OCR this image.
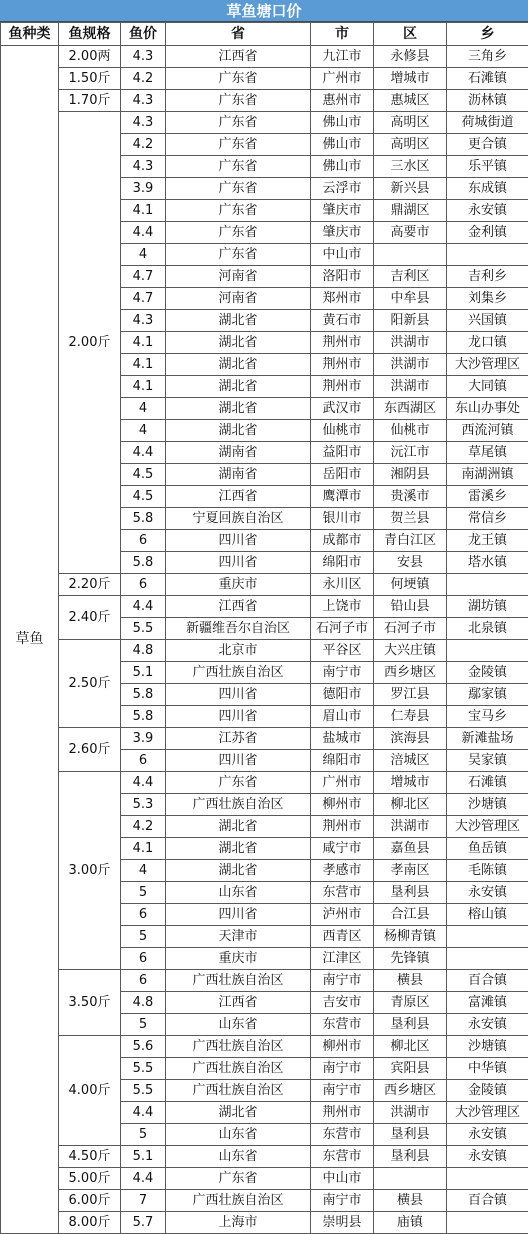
草鱼塘口价
鱼种类	鱼规格	鱼价	省	市	区	乡
草鱼	2.00两	4.3	江西省	九江市	永修县	三角乡
	1.50斤	4.2	广东省	广州市	增城市	石滩镇
	1.70斤	4.3	广东省	惠州市	惠城区	沥林镇
	2.00斤	4.3	广东省	佛山市	高明区	荷城街道
		4.2	广东省	佛山市	高明区	更合镇
		4.3	广东省	佛山市	三水区	乐平镇
		3.9	广东省	云浮市	新兴县	东成镇
		4.1	广东省	肇庆市	鼎湖区	永安镇
		4.4	广东省	肇庆市	高要市	金利镇
		4	广东省	中山市		
		4.7	河南省	洛阳市	吉利区	吉利乡
		4.7	河南省	郑州市	中牟县	刘集乡
		4.3	湖北省	黄石市	阳新县	兴国镇
		4.1	湖北省	荆州市	洪湖市	龙口镇
		4.1	湖北省	荆州市	洪湖市	大沙管理区
		4.1	湖北省	荆州市	洪湖市	大同镇
		4	湖北省	武汉市	东西湖区	东山办事处
		4	湖北省	仙桃市	仙桃市	西流河镇
		4.4	湖南省	益阳市	沅江市	草尾镇
		4.5	湖南省	岳阳市	湘阴县	南湖洲镇
		4.5	江西省	鹰潭市	贵溪市	雷溪乡
		5.8	宁夏回族自治区	银川市	贺兰县	常信乡
		6	四川省	成都市	青白江区	龙王镇
		5.8	四川省	绵阳市	安县	塔水镇
	2.20斤	6	重庆市	永川区	何埂镇	
	2.40斤	4.4	江西省	上饶市	铅山县	湖坊镇
		5.5	新疆维吾尔自治区	石河子市	石河子市	北泉镇
	2.50斤	4.8	北京市	平谷区	大兴庄镇	
		5.1	广西壮族自治区	南宁市	西乡塘区	金陵镇
		5.8	四川省	德阳市	罗江县	鄢家镇
		5.8	四川省	眉山市	仁寿县	宝马乡
	2.60斤	3.9	江苏省	盐城市	滨海县	新滩盐场
		6	四川省	绵阳市	涪城区	吴家镇
	3.00斤	4.4	广东省	广州市	增城市	石滩镇
		5.3	广西壮族自治区	柳州市	柳北区	沙塘镇
		4.2	湖北省	荆州市	洪湖市	大沙管理区
		4.1	湖北省	咸宁市	嘉鱼县	鱼岳镇
		4	湖北省	孝感市	孝南区	毛陈镇
		5	山东省	东营市	垦利县	永安镇
		6	四川省	泸州市	合江县	榕山镇
		5	天津市	西青区	杨柳青镇	
		6	重庆市	江津区	先锋镇	
	3.50斤	6	广西壮族自治区	南宁市	横县	百合镇
		4.8	江西省	吉安市	青原区	富滩镇
		5	山东省	东营市	垦利县	永安镇
	4.00斤	5.6	广西壮族自治区	柳州市	柳北区	沙塘镇
		5.5	广西壮族自治区	南宁市	宾阳县	中华镇
		5.5	广西壮族自治区	南宁市	西乡塘区	金陵镇
		4.4	湖北省	荆州市	洪湖市	大沙管理区
		5	山东省	东营市	垦利县	永安镇
	4.50斤	5.1	山东省	东营市	垦利县	永安镇
	5.00斤	4.4	广东省	中山市		
	6.00斤	7	广西壮族自治区	南宁市	横县	百合镇
	8.00斤	5.7	上海市	崇明县	庙镇	
